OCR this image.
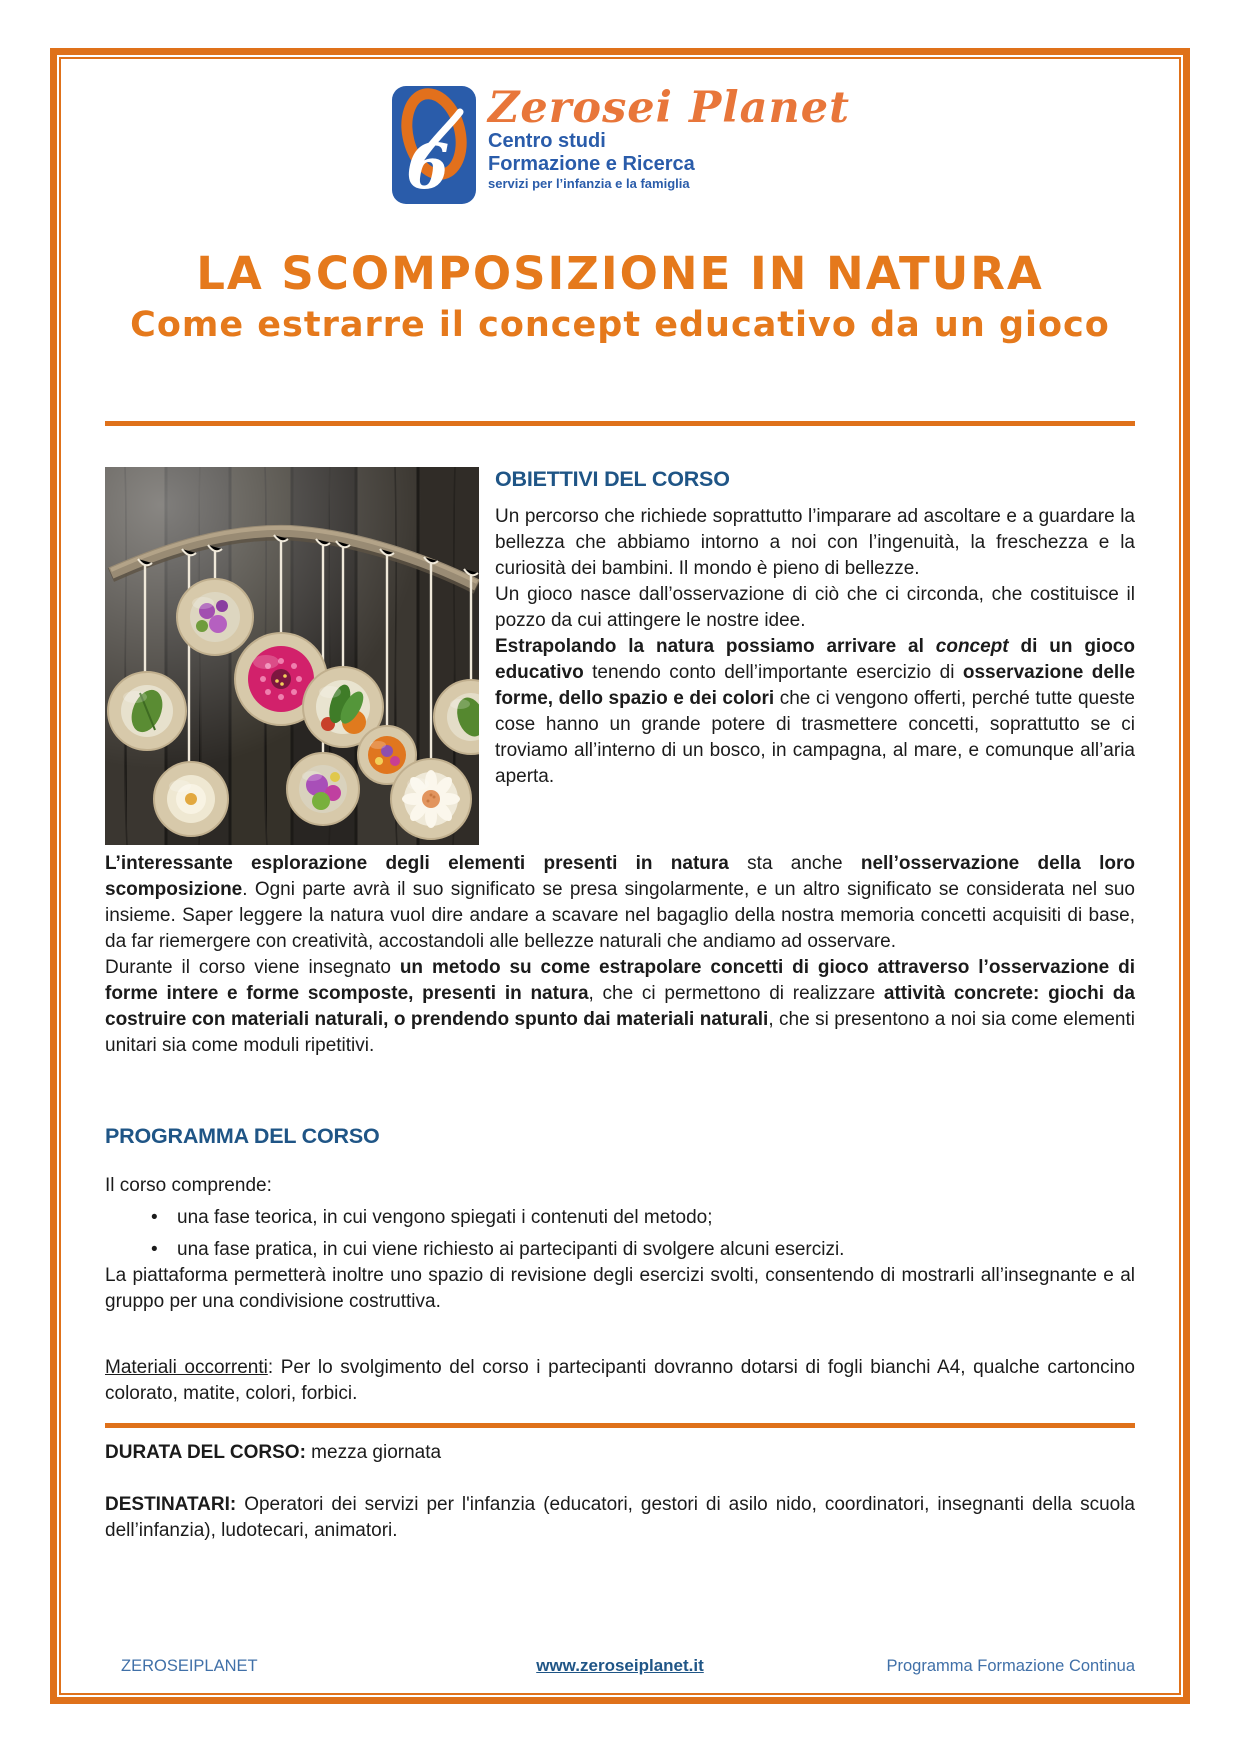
6
Zerosei Planet
Centro studi
Formazione e Ricerca
servizi per l’infanzia e la famiglia
LA SCOMPOSIZIONE IN NATURA
Come estrarre il concept educativo da un gioco
OBIETTIVI DEL CORSO

Un percorso che richiede soprattutto l’imparare ad ascoltare e a guardare la bellezza che abbiamo intorno a noi con l’ingenuità, la freschezza e la curiosità dei bambini. Il mondo è pieno di bellezze.

Un gioco nasce dall’osservazione di ciò che ci circonda, che costituisce il pozzo da cui attingere le nostre idee.

Estrapolando la natura possiamo arrivare al concept di un gioco educativo tenendo conto dell’importante esercizio di osservazione delle forme, dello spazio e dei colori che ci vengono offerti, perché tutte queste cose hanno un grande potere di trasmettere concetti, soprattutto se ci troviamo all’interno di un bosco, in campagna, al mare, e comunque all’aria aperta.

L’interessante esplorazione degli elementi presenti in natura sta anche nell’osservazione della loro scomposizione. Ogni parte avrà il suo significato se presa singolarmente, e un altro significato se considerata nel suo insieme. Saper leggere la natura vuol dire andare a scavare nel bagaglio della nostra memoria concetti acquisiti di base, da far riemergere con creatività, accostandoli alle bellezze naturali che andiamo ad osservare.

Durante il corso viene insegnato un metodo su come estrapolare concetti di gioco attraverso l’osservazione di forme intere e forme scomposte, presenti in natura, che ci permettono di realizzare attività concrete: giochi da costruire con materiali naturali, o prendendo spunto dai materiali naturali, che si presentono a noi sia come elementi unitari sia come moduli ripetitivi.

PROGRAMMA DEL CORSO

Il corso comprende:

• una fase teorica, in cui vengono spiegati i contenuti del metodo;
• una fase pratica, in cui viene richiesto ai partecipanti di svolgere alcuni esercizi.

La piattaforma permetterà inoltre uno spazio di revisione degli esercizi svolti, consentendo di mostrarli all’insegnante e al gruppo per una condivisione costruttiva.

Materiali occorrenti: Per lo svolgimento del corso i partecipanti dovranno dotarsi di fogli bianchi A4, qualche cartoncino colorato, matite, colori, forbici.

DURATA DEL CORSO: mezza giornata

DESTINATARI: Operatori dei servizi per l'infanzia (educatori, gestori di asilo nido, coordinatori, insegnanti della scuola dell’infanzia), ludotecari, animatori.

ZEROSEIPLANET	www.zeroseiplanet.it	Programma Formazione Continua
